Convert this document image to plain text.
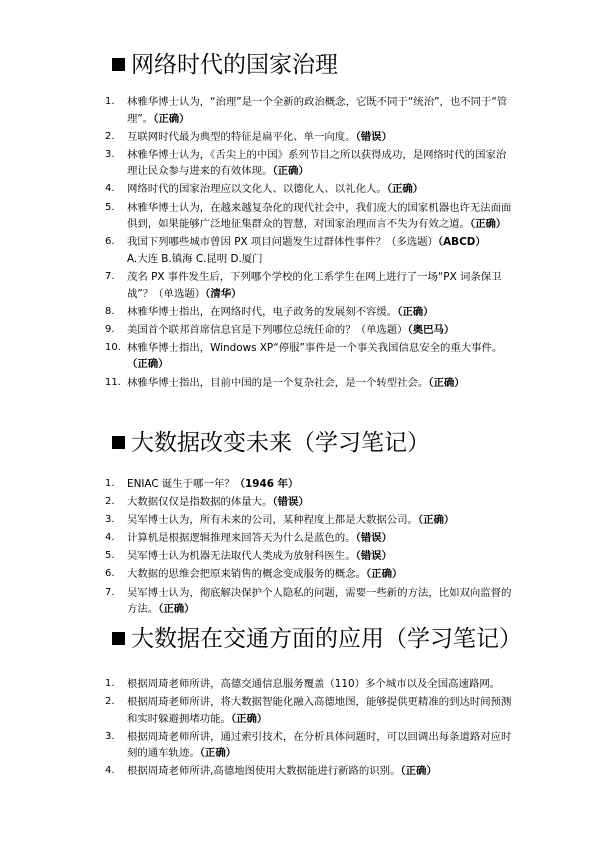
网络时代的国家治理
1.	林雅华博士认为，“治理”是一个全新的政治概念，它既不同于“统治”，也不同于“管理”。（正确）
2.	互联网时代最为典型的特征是扁平化、单一向度。（错误）
3.	林雅华博士认为，《舌尖上的中国》系列节目之所以获得成功，是网络时代的国家治理让民众参与进来的有效体现。（正确）
4.	网络时代的国家治理应以文化人、以德化人、以礼化人。（正确）
5.	林雅华博士认为，在越来越复杂化的现代社会中，我们庞大的国家机器也许无法面面俱到，如果能够广泛地征集群众的智慧，对国家治理而言不失为有效之道。（正确）
6.	我国下列哪些城市曾因 PX 项目问题发生过群体性事件？（多选题）（ABCD）
A.大连 B.镇海 C.昆明 D.厦门
7.	茂名 PX 事件发生后，下列哪个学校的化工系学生在网上进行了一场“PX 词条保卫战”？（单选题）（清华）
8.	林雅华博士指出，在网络时代，电子政务的发展刻不容缓。（正确）
9.	美国首个联邦首席信息官是下列哪位总统任命的？（单选题）（奥巴马）
10. 林雅华博士指出，Windows XP“停服”事件是一个事关我国信息安全的重大事件。（正确）
11. 林雅华博士指出，目前中国的是一个复杂社会，是一个转型社会。（正确）
大数据改变未来（学习笔记）
1.	ENIAC 诞生于哪一年？（1946 年）
2.	大数据仅仅是指数据的体量大。（错误）
3.	吴军博士认为，所有未来的公司，某种程度上都是大数据公司。（正确）
4.	计算机是根据逻辑推理来回答天为什么是蓝色的。（错误）
5.	吴军博士认为机器无法取代人类成为放射科医生。（错误）
6.	大数据的思维会把原来销售的概念变成服务的概念。（正确）
7.	吴军博士认为，彻底解决保护个人隐私的问题，需要一些新的方法，比如双向监督的方法。（正确）
大数据在交通方面的应用（学习笔记）
1.	根据周琦老师所讲，高德交通信息服务覆盖（110）多个城市以及全国高速路网。
2.	根据周琦老师所讲，将大数据智能化融入高德地图，能够提供更精准的到达时间预测和实时躲避拥堵功能。（正确）
3.	根据周琦老师所讲，通过索引技术，在分析具体问题时，可以回调出每条道路对应时刻的通车轨迹。（正确）
4.	根据周琦老师所讲,高德地图使用大数据能进行新路的识别。（正确）
